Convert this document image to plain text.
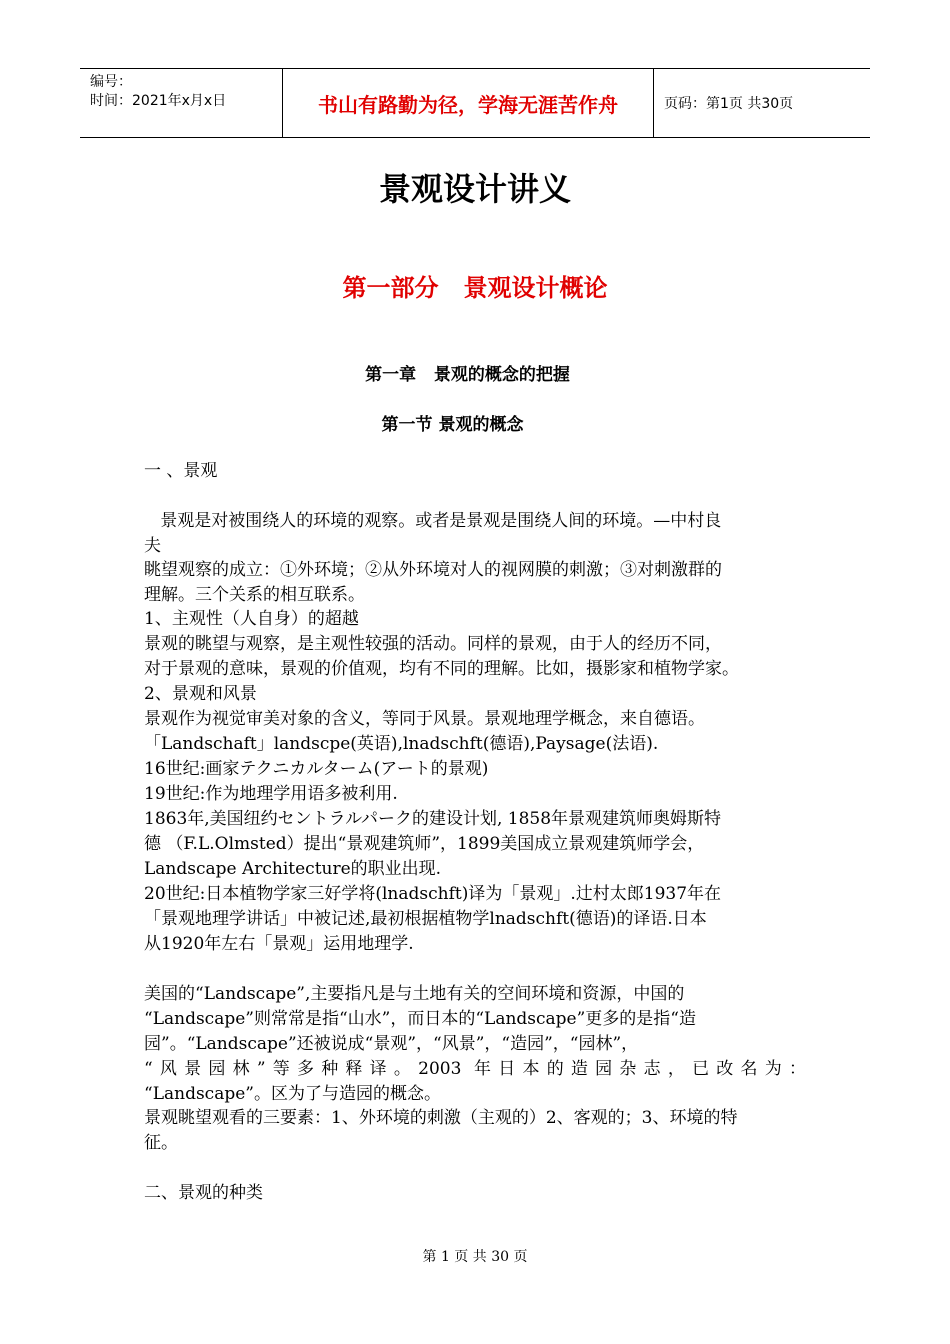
编号：
时间：2021年x月x日	书山有路勤为径，学海无涯苦作舟	页码：第1页 共30页
景观设计讲义
第一部分   景观设计概论
第一章   景观的概念的把握
第一节 景观的概念
一 、景观
景观是对被围绕人的环境的观察。或者是景观是围绕人间的环境。—中村良
夫
眺望观察的成立：①外环境；②从外环境对人的视网膜的刺激；③对刺激群的
理解。三个关系的相互联系。
1、主观性（人自身）的超越
景观的眺望与观察，是主观性较强的活动。同样的景观，由于人的经历不同，
对于景观的意味，景观的价值观，均有不同的理解。比如，摄影家和植物学家。
2、景观和风景
景观作为视觉审美对象的含义，等同于风景。景观地理学概念，来自德语。
「Landschaft」landscpe(英语),lnadschft(德语),Paysage(法语).
16世纪:画家テクニカルターム(アート的景观)
19世纪:作为地理学用语多被利用.
1863年,美国纽约セントラルパーク的建设计划, 1858年景观建筑师奥姆斯特
德 （F.L.Olmsted）提出“景观建筑师”，1899美国成立景观建筑师学会，
Landscape Architecture的职业出现.
20世纪:日本植物学家三好学将(lnadschft)译为「景观」.辻村太郎1937年在
「景观地理学讲话」中被记述,最初根据植物学lnadschft(德语)的译语.日本
从1920年左右「景观」运用地理学.
美国的“Landscape”,主要指凡是与土地有关的空间环境和资源，中国的
“Landscape”则常常是指“山水”，而日本的“Landscape”更多的是指“造
园”。“Landscape”还被说成“景观”，“风景”，“造园”，“园林”，
“风景园林”等多种释译。2003 年日本的造园杂志，已改名为：
“Landscape”。区为了与造园的概念。
景观眺望观看的三要素：1、外环境的刺激（主观的）2、客观的；3、环境的特
征。
二、景观的种类
第 1 页 共 30 页
